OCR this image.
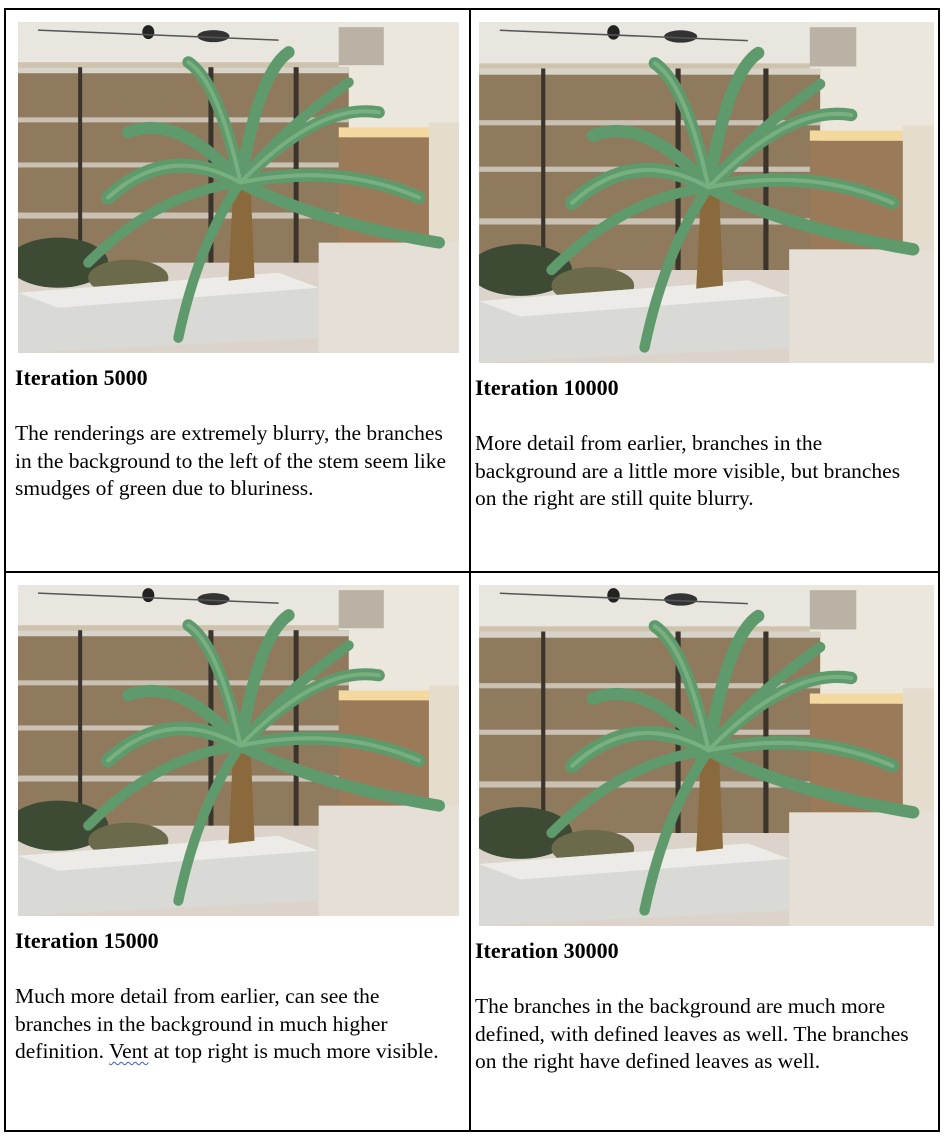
Iteration 5000
The renderings are extremely blurry, the branches in the background to the left of the stem seem like smudges of green due to bluriness.
Iteration 10000
More detail from earlier, branches in the background are a little more visible, but branches on the right are still quite blurry.
Iteration 15000
Much more detail from earlier, can see the branches in the background in much higher definition. Vent at top right is much more visible.
Iteration 30000
The branches in the background are much more defined, with defined leaves as well. The branches on the right have defined leaves as well.
